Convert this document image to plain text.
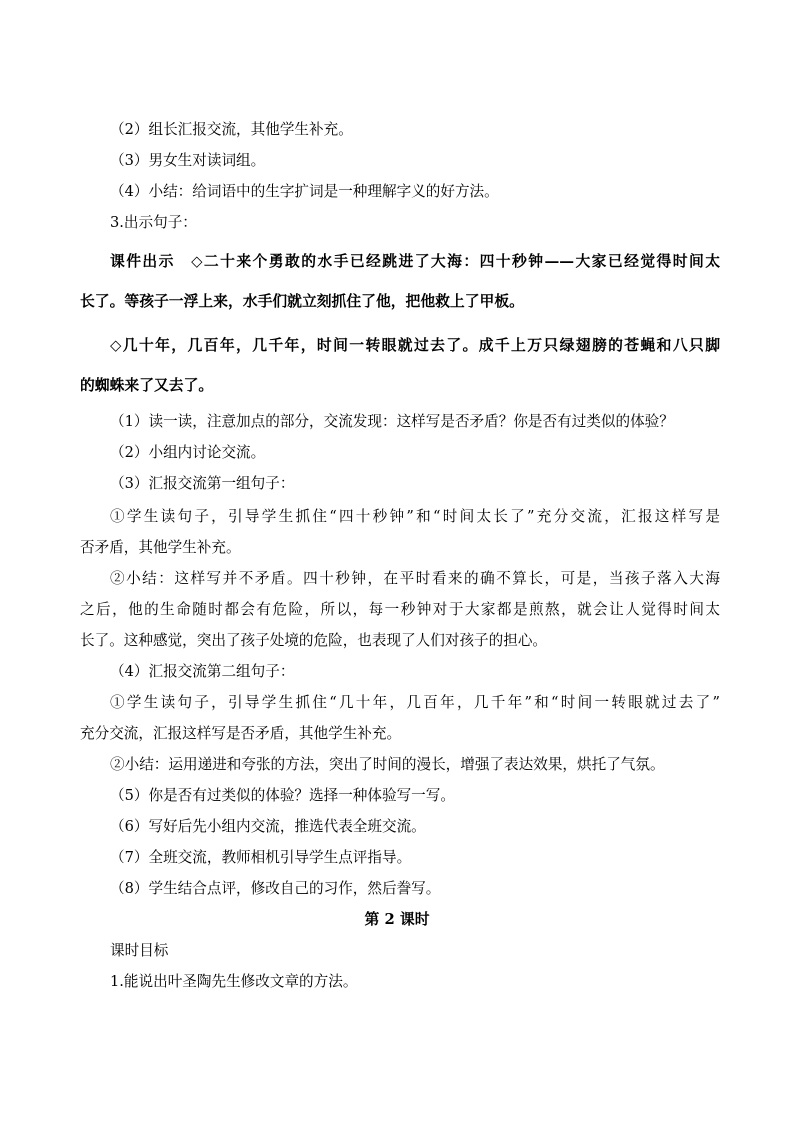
（2）组长汇报交流，其他学生补充。
（3）男女生对读词组。
（4）小结：给词语中的生字扩词是一种理解字义的好方法。
3.出示句子：
课件出示　◇二十来个勇敢的水手已经跳进了大海：四十秒钟——大家已经觉得时间太
长了。等孩子一浮上来，水手们就立刻抓住了他，把他救上了甲板。
◇几十年，几百年，几千年，时间一转眼就过去了。成千上万只绿翅膀的苍蝇和八只脚
的蜘蛛来了又去了。
（1）读一读，注意加点的部分，交流发现：这样写是否矛盾？你是否有过类似的体验？
（2）小组内讨论交流。
（3）汇报交流第一组句子：
①学生读句子，引导学生抓住“四十秒钟”和“时间太长了”充分交流，汇报这样写是
否矛盾，其他学生补充。
②小结：这样写并不矛盾。四十秒钟，在平时看来的确不算长，可是，当孩子落入大海
之后，他的生命随时都会有危险，所以，每一秒钟对于大家都是煎熬，就会让人觉得时间太
长了。这种感觉，突出了孩子处境的危险，也表现了人们对孩子的担心。
（4）汇报交流第二组句子：
①学生读句子，引导学生抓住“几十年，几百年，几千年”和“时间一转眼就过去了”
充分交流，汇报这样写是否矛盾，其他学生补充。
②小结：运用递进和夸张的方法，突出了时间的漫长，增强了表达效果，烘托了气氛。
（5）你是否有过类似的体验？选择一种体验写一写。
（6）写好后先小组内交流，推选代表全班交流。
（7）全班交流，教师相机引导学生点评指导。
（8）学生结合点评，修改自己的习作，然后誊写。
第 2 课时
课时目标
1.能说出叶圣陶先生修改文章的方法。
